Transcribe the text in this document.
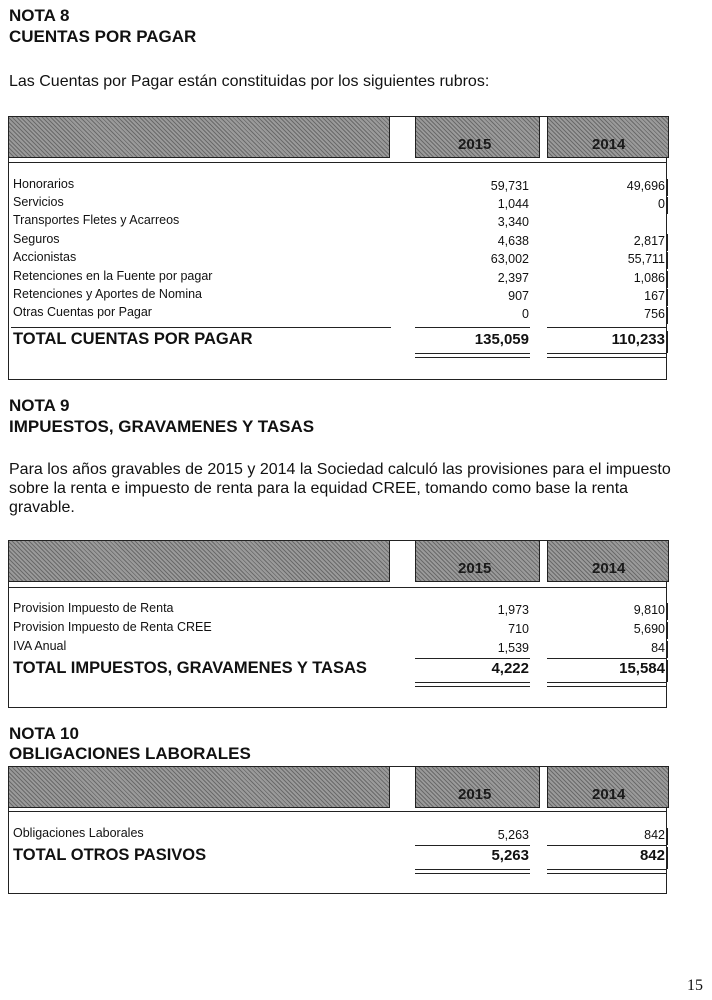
NOTA 8
CUENTAS POR PAGAR
Las Cuentas por Pagar están constituidas por los siguientes rubros:
2015	2014
Honorarios	59,731	49,696
Servicios	1,044	0
Transportes Fletes y Acarreos	3,340
Seguros	4,638	2,817
Accionistas	63,002	55,711
Retenciones en la Fuente por pagar	2,397	1,086
Retenciones y Aportes de Nomina	907	167
Otras Cuentas por Pagar	0	756
TOTAL CUENTAS POR PAGAR	135,059	110,233
NOTA 9
IMPUESTOS, GRAVAMENES Y TASAS
Para los años gravables de 2015 y 2014 la Sociedad calculó las provisiones para el impuesto sobre la renta e impuesto de renta para la equidad CREE, tomando como base la renta gravable.
2015	2014
Provision Impuesto de Renta	1,973	9,810
Provision Impuesto de Renta CREE	710	5,690
IVA Anual	1,539	84
TOTAL IMPUESTOS, GRAVAMENES Y TASAS	4,222	15,584
NOTA 10
OBLIGACIONES LABORALES
2015	2014
Obligaciones Laborales	5,263	842
TOTAL OTROS PASIVOS	5,263	842
15
